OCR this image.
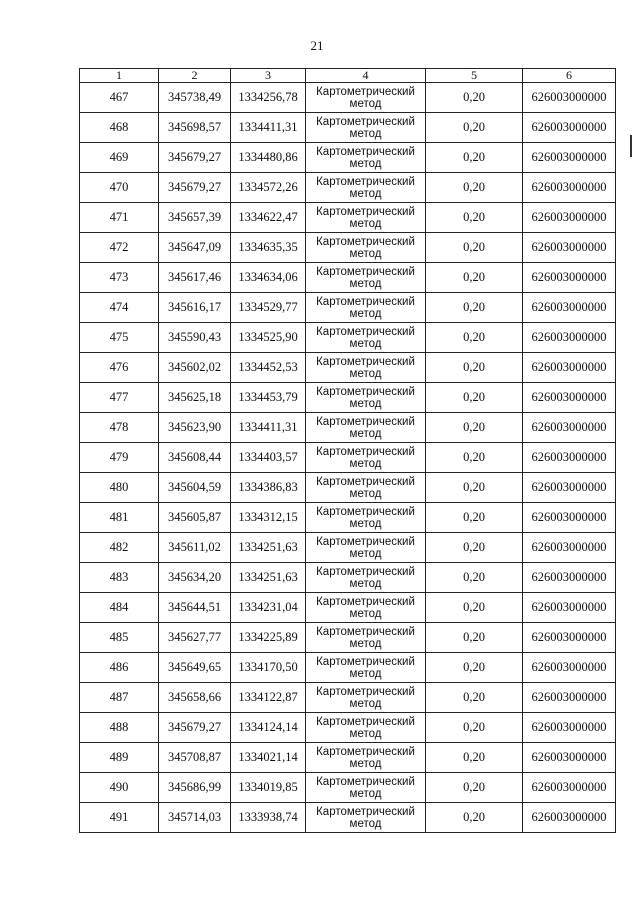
21
1	2	3	4	5	6
467	345738,49	1334256,78	Картометрический метод	0,20	626003000000
468	345698,57	1334411,31	Картометрический метод	0,20	626003000000
469	345679,27	1334480,86	Картометрический метод	0,20	626003000000
470	345679,27	1334572,26	Картометрический метод	0,20	626003000000
471	345657,39	1334622,47	Картометрический метод	0,20	626003000000
472	345647,09	1334635,35	Картометрический метод	0,20	626003000000
473	345617,46	1334634,06	Картометрический метод	0,20	626003000000
474	345616,17	1334529,77	Картометрический метод	0,20	626003000000
475	345590,43	1334525,90	Картометрический метод	0,20	626003000000
476	345602,02	1334452,53	Картометрический метод	0,20	626003000000
477	345625,18	1334453,79	Картометрический метод	0,20	626003000000
478	345623,90	1334411,31	Картометрический метод	0,20	626003000000
479	345608,44	1334403,57	Картометрический метод	0,20	626003000000
480	345604,59	1334386,83	Картометрический метод	0,20	626003000000
481	345605,87	1334312,15	Картометрический метод	0,20	626003000000
482	345611,02	1334251,63	Картометрический метод	0,20	626003000000
483	345634,20	1334251,63	Картометрический метод	0,20	626003000000
484	345644,51	1334231,04	Картометрический метод	0,20	626003000000
485	345627,77	1334225,89	Картометрический метод	0,20	626003000000
486	345649,65	1334170,50	Картометрический метод	0,20	626003000000
487	345658,66	1334122,87	Картометрический метод	0,20	626003000000
488	345679,27	1334124,14	Картометрический метод	0,20	626003000000
489	345708,87	1334021,14	Картометрический метод	0,20	626003000000
490	345686,99	1334019,85	Картометрический метод	0,20	626003000000
491	345714,03	1333938,74	Картометрический метод	0,20	626003000000
